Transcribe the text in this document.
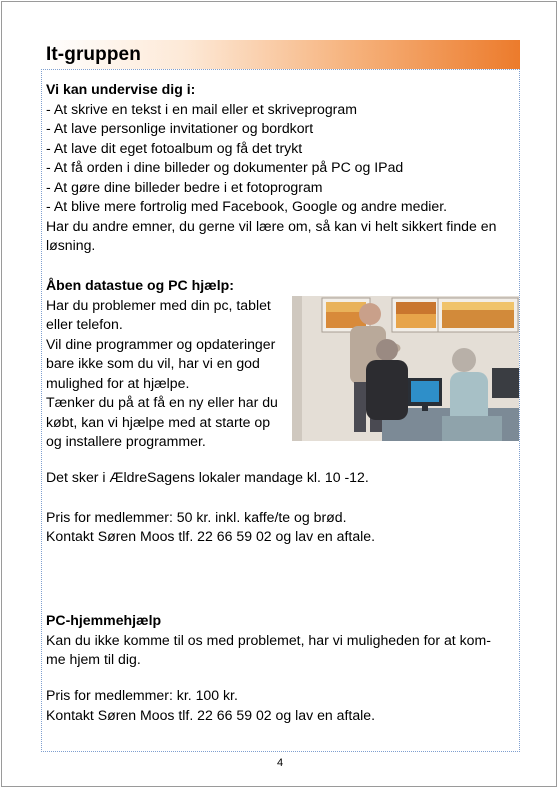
It-gruppen
Vi kan undervise dig i:
- At skrive en tekst i en mail eller et skriveprogram
- At lave personlige invitationer og bordkort
- At lave dit eget fotoalbum og få det trykt
- At få orden i dine billeder og dokumenter på PC og IPad
- At gøre dine billeder bedre i et fotoprogram
- At blive mere fortrolig med Facebook, Google og andre medier.
Har du andre emner, du gerne vil lære om, så kan vi helt sikkert finde en
løsning.
Åben datastue og PC hjælp:
Har du problemer med din pc, tablet
eller telefon.
Vil dine programmer og opdateringer
bare ikke som du vil, har vi en god
mulighed for at hjælpe.
Tænker du på at få en ny eller har du
købt, kan vi hjælpe med at starte op
og installere programmer.
Det sker i ÆldreSagens lokaler mandage kl. 10 -12.
Pris for medlemmer: 50 kr. inkl. kaffe/te og brød.
Kontakt Søren Moos tlf. 22 66 59 02 og lav en aftale.
PC-hjemmehjælp
Kan du ikke komme til os med problemet, har vi muligheden for at kom-
me hjem til dig.
Pris for medlemmer: kr. 100 kr.
Kontakt Søren Moos tlf. 22 66 59 02 og lav en aftale.
4
